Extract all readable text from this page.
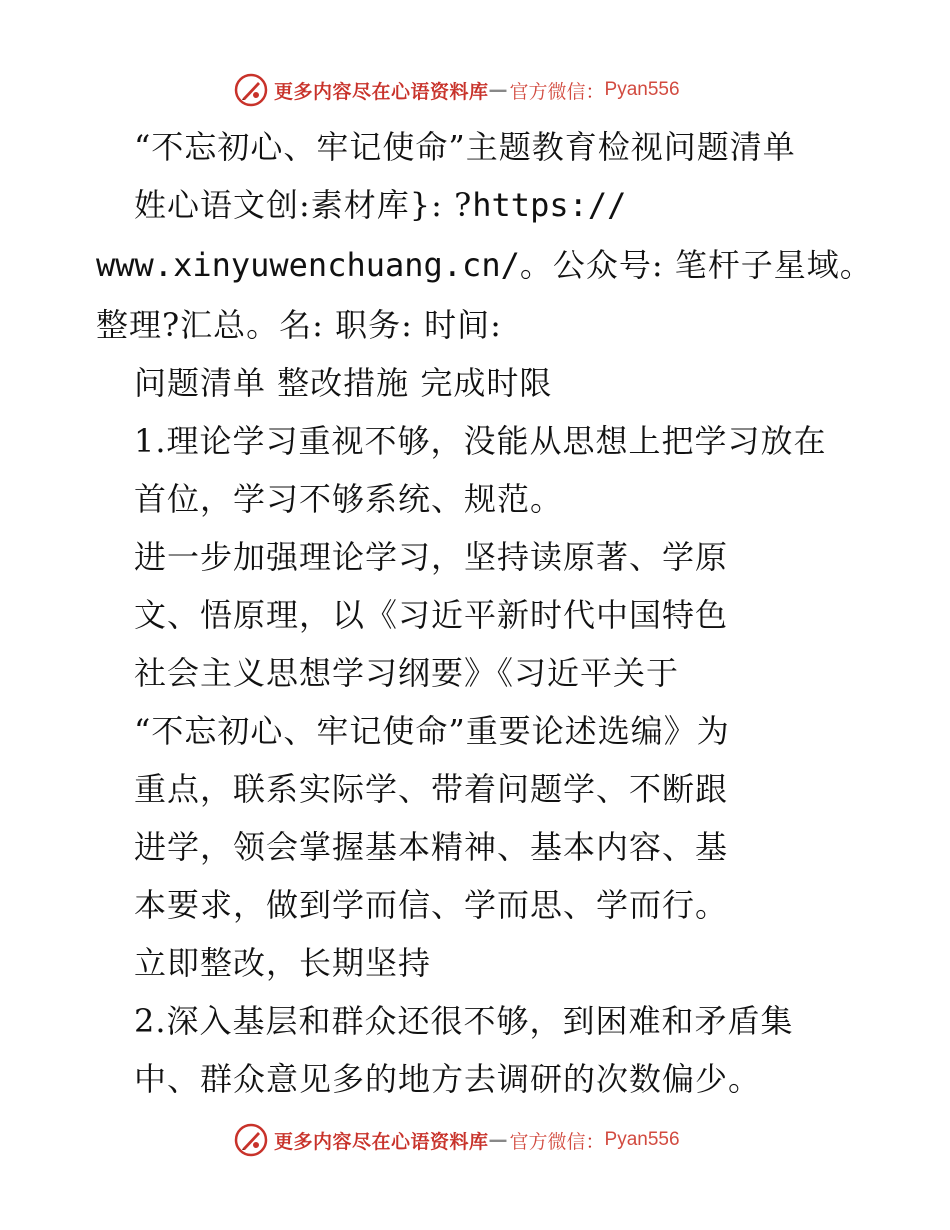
更多内容尽在心语资料库 — 官方微信 ： Pyan556
“不忘初心、牢记使命”主题教育检视问题清单
姓心语文创:素材库}: ?https://
www.xinyuwenchuang.cn/。公众号: 笔杆子星域。
整理?汇总。名: 职务: 时间:
问题清单 整改措施 完成时限
1.理论学习重视不够，没能从思想上把学习放在
首位，学习不够系统、规范。
进一步加强理论学习，坚持读原著、学原
文、悟原理，以《习近平新时代中国特色
社会主义思想学习纲要》《习近平关于
“不忘初心、牢记使命”重要论述选编》为
重点，联系实际学、带着问题学、不断跟
进学，领会掌握基本精神、基本内容、基
本要求，做到学而信、学而思、学而行。
立即整改，长期坚持
2.深入基层和群众还很不够，到困难和矛盾集
中、群众意见多的地方去调研的次数偏少。
更多内容尽在心语资料库 — 官方微信 ： Pyan556
